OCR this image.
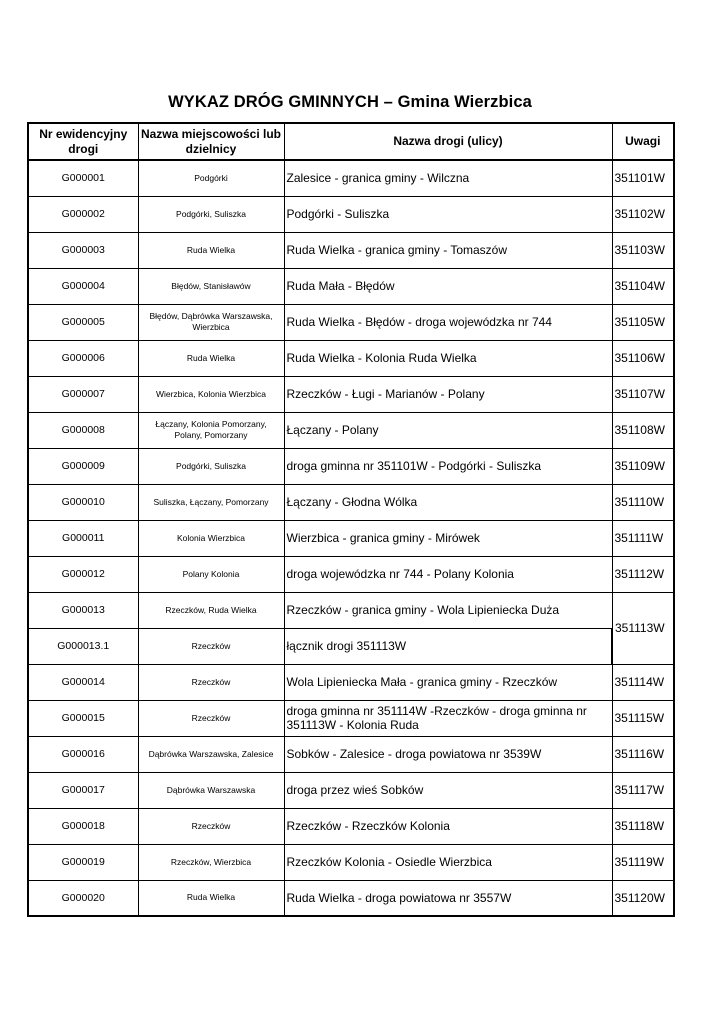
WYKAZ DRÓG GMINNYCH – Gmina Wierzbica
Nr ewidencyjny drogi	Nazwa miejscowości lub dzielnicy	Nazwa drogi (ulicy)	Uwagi
G000001	Podgórki	Zalesice - granica gminy - Wilczna	351101W
G000002	Podgórki, Suliszka	Podgórki - Suliszka	351102W
G000003	Ruda Wielka	Ruda Wielka - granica gminy - Tomaszów	351103W
G000004	Błędów, Stanisławów	Ruda Mała - Błędów	351104W
G000005	Błędów, Dąbrówka Warszawska,
Wierzbica	Ruda Wielka - Błędów - droga wojewódzka nr 744	351105W
G000006	Ruda Wielka	Ruda Wielka - Kolonia Ruda Wielka	351106W
G000007	Wierzbica, Kolonia Wierzbica	Rzeczków - Ługi - Marianów - Polany	351107W
G000008	Łączany, Kolonia Pomorzany,
Polany, Pomorzany	Łączany - Polany	351108W
G000009	Podgórki, Suliszka	droga gminna nr 351101W - Podgórki - Suliszka	351109W
G000010	Suliszka, Łączany, Pomorzany	Łączany - Głodna Wólka	351110W
G000011	Kolonia Wierzbica	Wierzbica - granica gminy - Mirówek	351111W
G000012	Polany Kolonia	droga wojewódzka nr 744 - Polany Kolonia	351112W
G000013	Rzeczków, Ruda Wielka	Rzeczków - granica gminy - Wola Lipieniecka Duża	351113W
G000013.1	Rzeczków	łącznik drogi 351113W	
G000014	Rzeczków	Wola Lipieniecka Mała - granica gminy - Rzeczków	351114W
G000015	Rzeczków	droga gminna nr 351114W -Rzeczków - droga gminna nr 351113W - Kolonia Ruda	351115W
G000016	Dąbrówka Warszawska, Zalesice	Sobków - Zalesice - droga powiatowa nr 3539W	351116W
G000017	Dąbrówka Warszawska	droga przez wieś Sobków	351117W
G000018	Rzeczków	Rzeczków - Rzeczków Kolonia	351118W
G000019	Rzeczków, Wierzbica	Rzeczków Kolonia - Osiedle Wierzbica	351119W
G000020	Ruda Wielka	Ruda Wielka - droga powiatowa nr 3557W	351120W
